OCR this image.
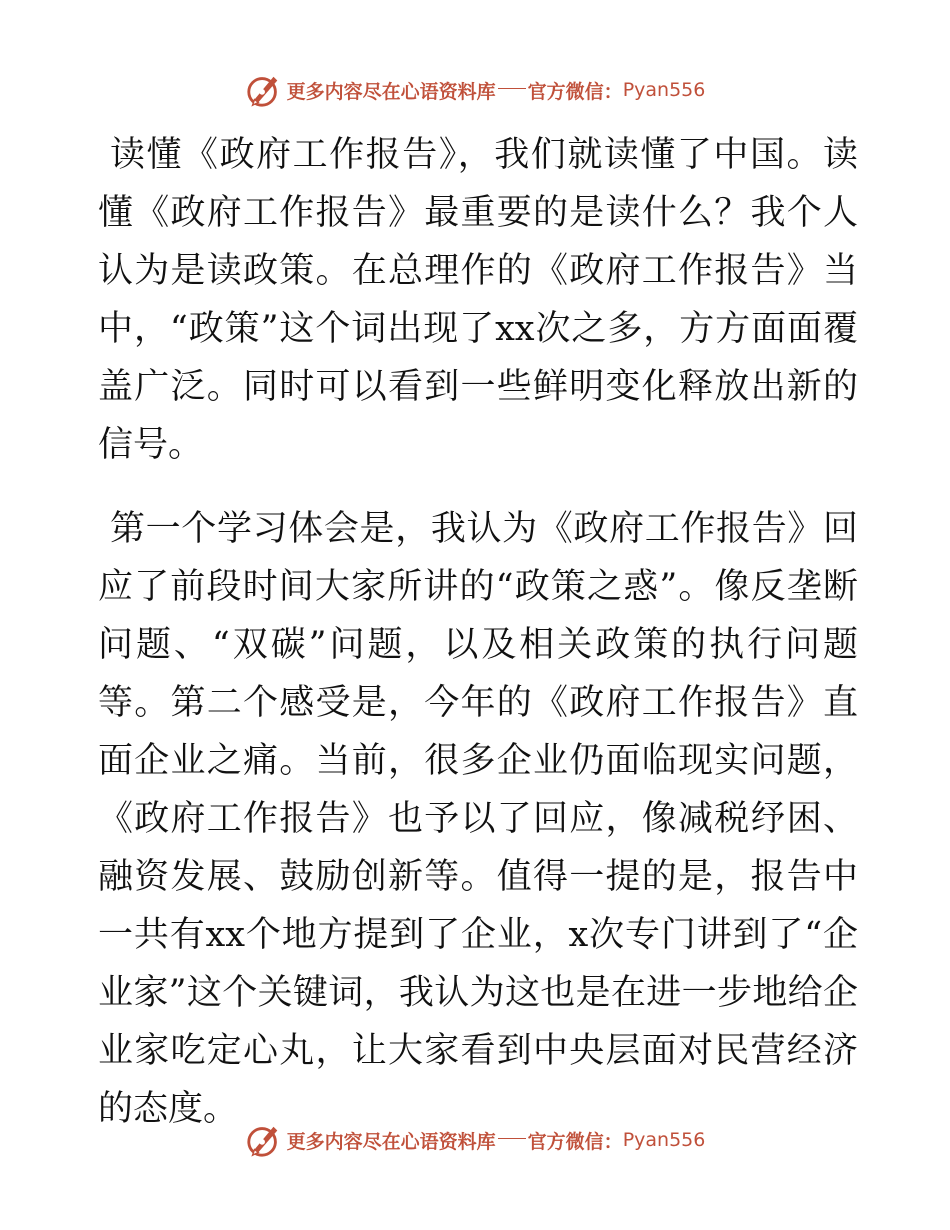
更多内容尽在心语资料库 官方微信： Pyan556

读懂《政府工作报告》，我们就读懂了中国。读懂《政府工作报告》最重要的是读什么？我个人认为是读政策。在总理作的《政府工作报告》当中，“政策”这个词出现了xx次之多，方方面面覆盖广泛。同时可以看到一些鲜明变化释放出新的信号。

第一个学习体会是，我认为《政府工作报告》回应了前段时间大家所讲的“政策之惑”。像反垄断问题、“双碳”问题，以及相关政策的执行问题等。第二个感受是，今年的《政府工作报告》直面企业之痛。当前，很多企业仍面临现实问题，《政府工作报告》也予以了回应，像减税纾困、融资发展、鼓励创新等。值得一提的是，报告中一共有xx个地方提到了企业，x次专门讲到了“企业家”这个关键词，我认为这也是在进一步地给企业家吃定心丸，让大家看到中央层面对民营经济的态度。

更多内容尽在心语资料库 官方微信： Pyan556
